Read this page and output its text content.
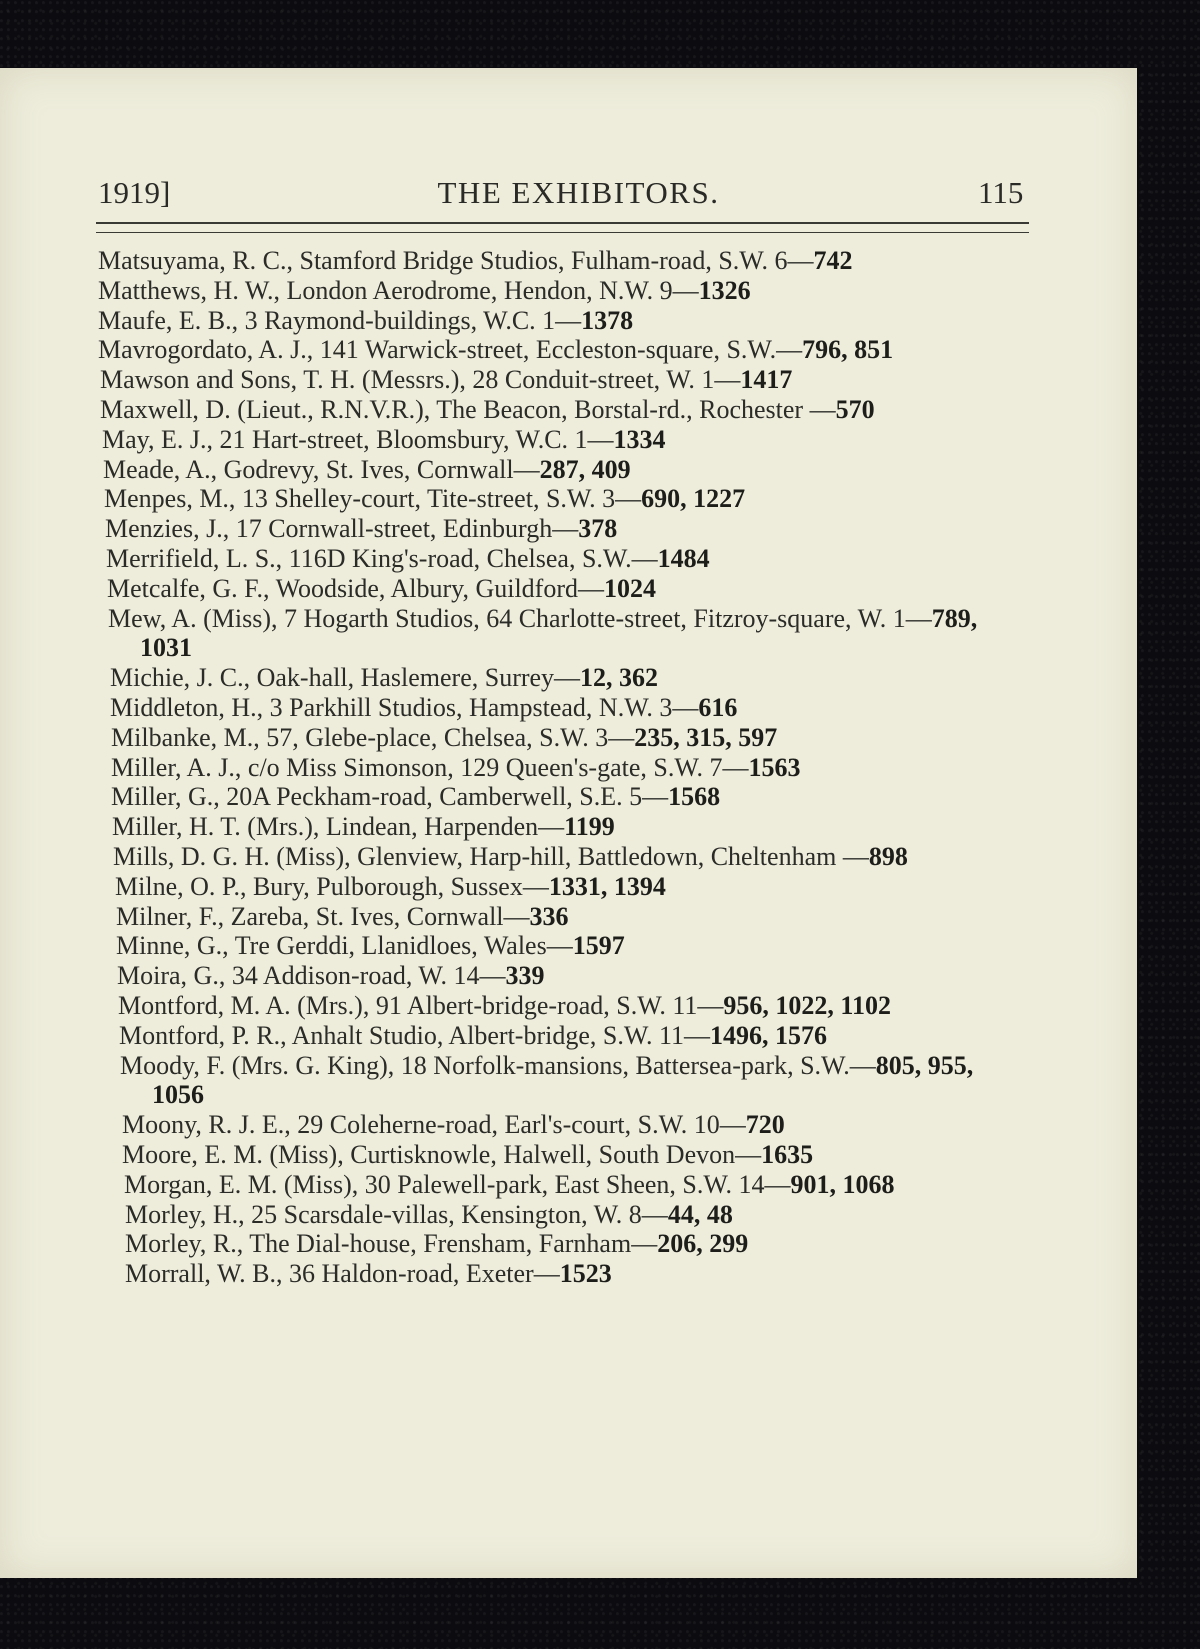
1919]	THE EXHIBITORS.	115
Matsuyama, R. C., Stamford Bridge Studios, Fulham-road, S.W. 6—742
Matthews, H. W., London Aerodrome, Hendon, N.W. 9—1326
Maufe, E. B., 3 Raymond-buildings, W.C. 1—1378
Mavrogordato, A. J., 141 Warwick-street, Eccleston-square, S.W.—796, 851
Mawson and Sons, T. H. (Messrs.), 28 Conduit-street, W. 1—1417
Maxwell, D. (Lieut., R.N.V.R.), The Beacon, Borstal-rd., Rochester —570
May, E. J., 21 Hart-street, Bloomsbury, W.C. 1—1334
Meade, A., Godrevy, St. Ives, Cornwall—287, 409
Menpes, M., 13 Shelley-court, Tite-street, S.W. 3—690, 1227
Menzies, J., 17 Cornwall-street, Edinburgh—378
Merrifield, L. S., 116D King's-road, Chelsea, S.W.—1484
Metcalfe, G. F., Woodside, Albury, Guildford—1024
Mew, A. (Miss), 7 Hogarth Studios, 64 Charlotte-street, Fitzroy-square, W. 1—789, 1031
Michie, J. C., Oak-hall, Haslemere, Surrey—12, 362
Middleton, H., 3 Parkhill Studios, Hampstead, N.W. 3—616
Milbanke, M., 57, Glebe-place, Chelsea, S.W. 3—235, 315, 597
Miller, A. J., c/o Miss Simonson, 129 Queen's-gate, S.W. 7—1563
Miller, G., 20A Peckham-road, Camberwell, S.E. 5—1568
Miller, H. T. (Mrs.), Lindean, Harpenden—1199
Mills, D. G. H. (Miss), Glenview, Harp-hill, Battledown, Cheltenham —898
Milne, O. P., Bury, Pulborough, Sussex—1331, 1394
Milner, F., Zareba, St. Ives, Cornwall—336
Minne, G., Tre Gerddi, Llanidloes, Wales—1597
Moira, G., 34 Addison-road, W. 14—339
Montford, M. A. (Mrs.), 91 Albert-bridge-road, S.W. 11—956, 1022, 1102
Montford, P. R., Anhalt Studio, Albert-bridge, S.W. 11—1496, 1576
Moody, F. (Mrs. G. King), 18 Norfolk-mansions, Battersea-park, S.W.—805, 955, 1056
Moony, R. J. E., 29 Coleherne-road, Earl's-court, S.W. 10—720
Moore, E. M. (Miss), Curtisknowle, Halwell, South Devon—1635
Morgan, E. M. (Miss), 30 Palewell-park, East Sheen, S.W. 14—901, 1068
Morley, H., 25 Scarsdale-villas, Kensington, W. 8—44, 48
Morley, R., The Dial-house, Frensham, Farnham—206, 299
Morrall, W. B., 36 Haldon-road, Exeter—1523
